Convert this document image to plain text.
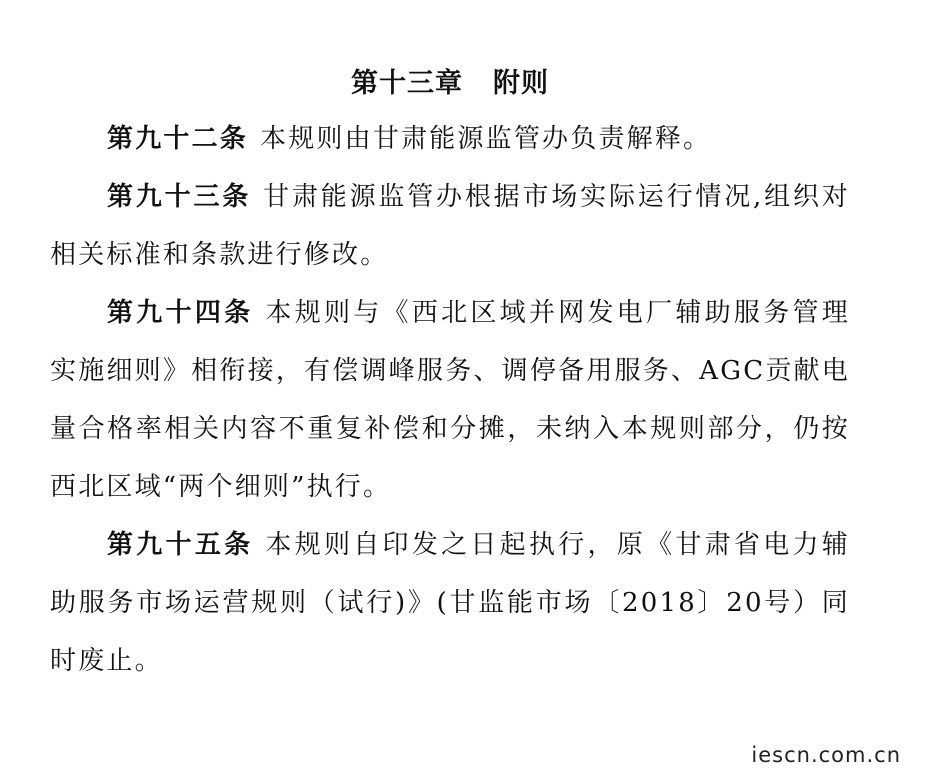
第十三章 附则

第九十二条 本规则由甘肃能源监管办负责解释。

第九十三条 甘肃能源监管办根据市场实际运行情况,组织对相关标准和条款进行修改。

第九十四条 本规则与《西北区域并网发电厂辅助服务管理实施细则》相衔接，有偿调峰服务、调停备用服务、AGC贡献电量合格率相关内容不重复补偿和分摊，未纳入本规则部分，仍按西北区域“两个细则”执行。

第九十五条 本规则自印发之日起执行，原《甘肃省电力辅助服务市场运营规则（试行)》(甘监能市场〔2018〕20号）同时废止。

iescn.com.cn
